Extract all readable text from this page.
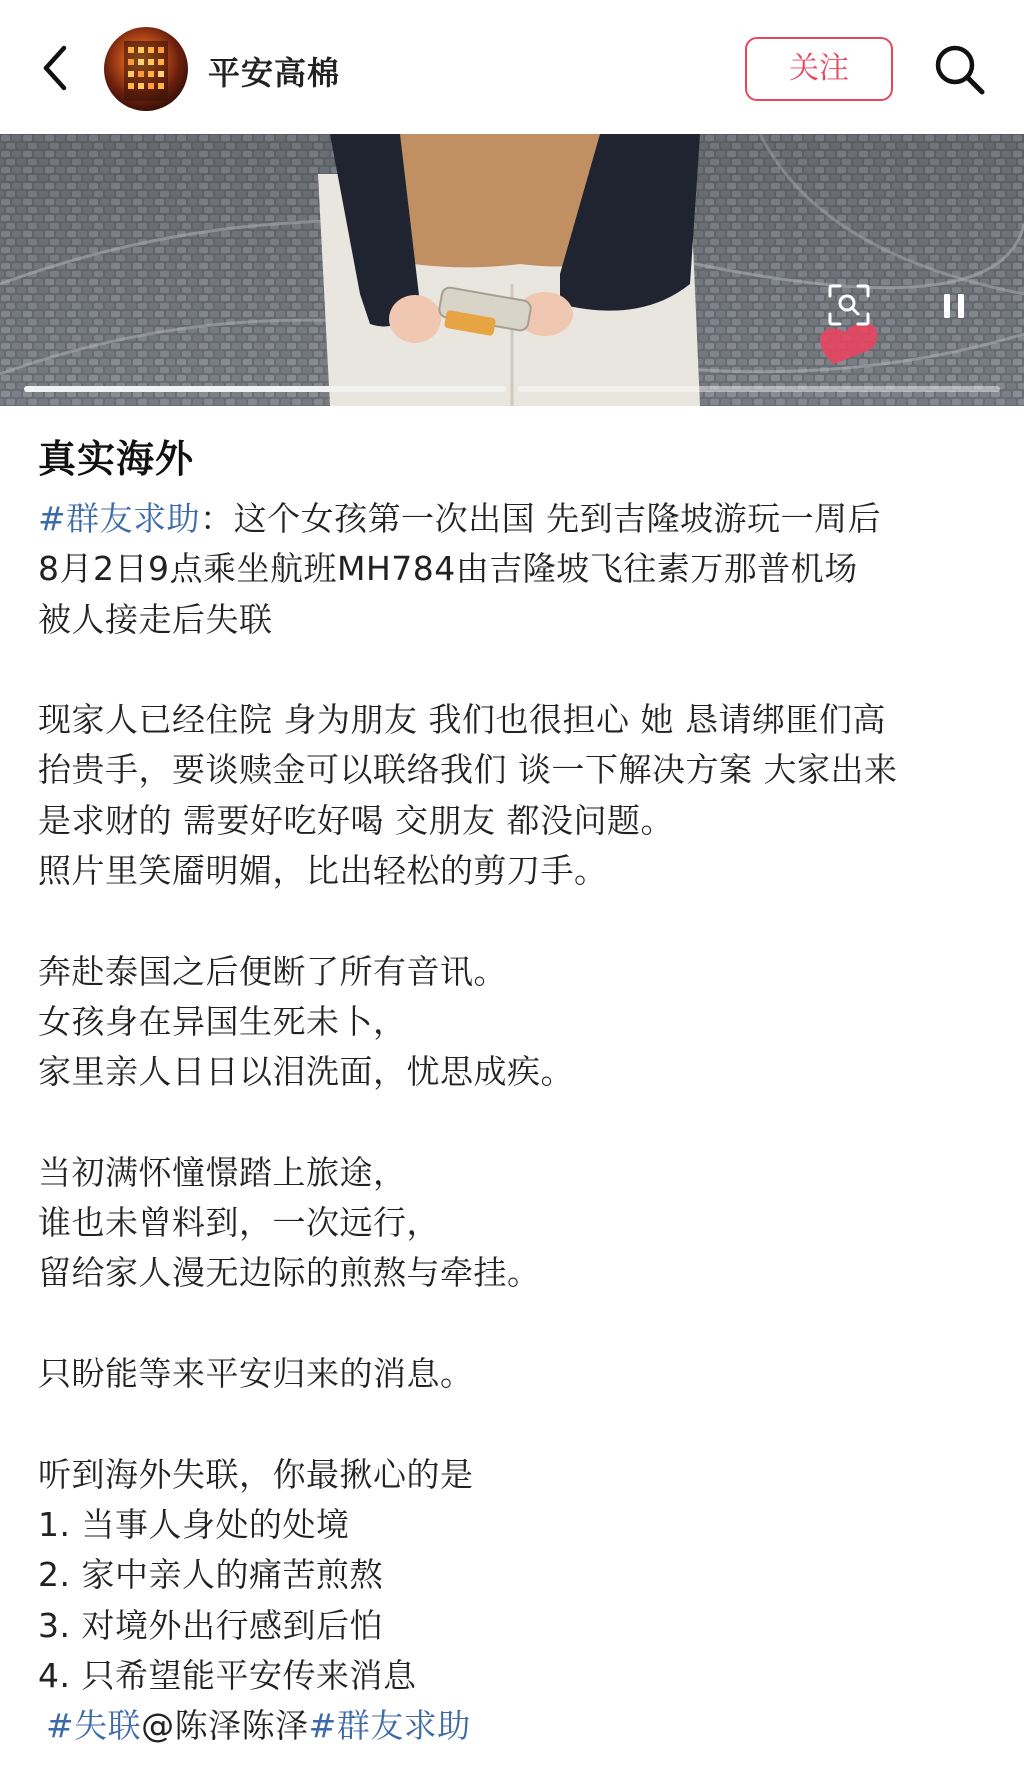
平安高棉	关注
真实海外
#群友求助：这个女孩第一次出国 先到吉隆坡游玩一周后
8月2日9点乘坐航班MH784由吉隆坡飞往素万那普机场
被人接走后失联
现家人已经住院 身为朋友 我们也很担心 她 恳请绑匪们高
抬贵手，要谈赎金可以联络我们 谈一下解决方案 大家出来
是求财的 需要好吃好喝 交朋友 都没问题。
照片里笑靥明媚，比出轻松的剪刀手。
奔赴泰国之后便断了所有音讯。
女孩身在异国生死未卜，
家里亲人日日以泪洗面，忧思成疾。
当初满怀憧憬踏上旅途，
谁也未曾料到，一次远行，
留给家人漫无边际的煎熬与牵挂。
只盼能等来平安归来的消息。
听到海外失联，你最揪心的是
1. 当事人身处的处境
2. 家中亲人的痛苦煎熬
3. 对境外出行感到后怕
4. 只希望能平安传来消息
#失联@陈泽陈泽#群友求助
